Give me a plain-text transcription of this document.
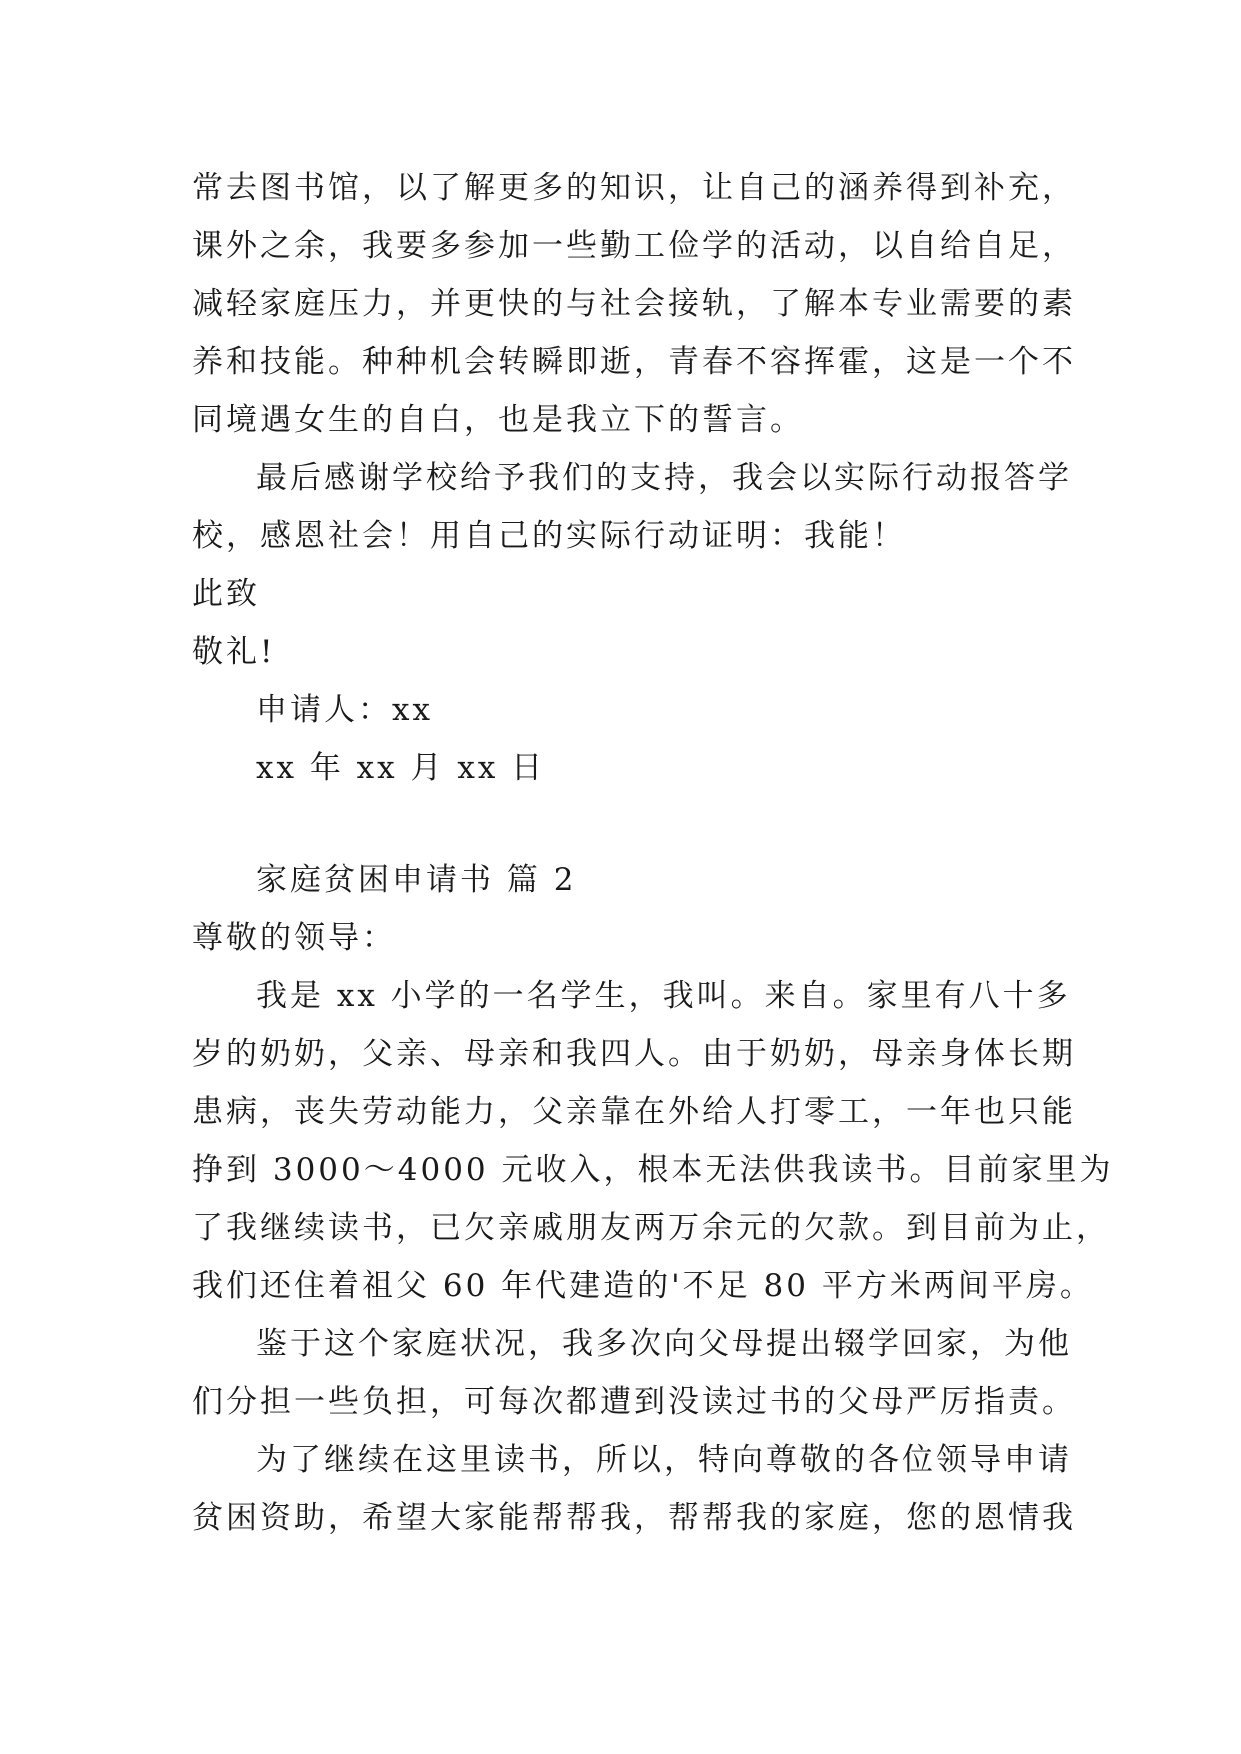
常去图书馆，以了解更多的知识，让自己的涵养得到补充，
课外之余，我要多参加一些勤工俭学的活动，以自给自足，
减轻家庭压力，并更快的与社会接轨，了解本专业需要的素
养和技能。种种机会转瞬即逝，青春不容挥霍，这是一个不
同境遇女生的自白，也是我立下的誓言。
最后感谢学校给予我们的支持，我会以实际行动报答学
校，感恩社会！用自己的实际行动证明：我能！
此致
敬礼!
申请人：xx
xx 年 xx 月 xx 日
家庭贫困申请书 篇 2
尊敬的领导：
我是 xx 小学的一名学生，我叫。来自。家里有八十多
岁的奶奶，父亲、母亲和我四人。由于奶奶，母亲身体长期
患病，丧失劳动能力，父亲靠在外给人打零工，一年也只能
挣到 3000～4000 元收入，根本无法供我读书。目前家里为
了我继续读书，已欠亲戚朋友两万余元的欠款。到目前为止，
我们还住着祖父 60 年代建造的'不足 80 平方米两间平房。
鉴于这个家庭状况，我多次向父母提出辍学回家，为他
们分担一些负担，可每次都遭到没读过书的父母严厉指责。
为了继续在这里读书，所以，特向尊敬的各位领导申请
贫困资助，希望大家能帮帮我，帮帮我的家庭，您的恩情我
